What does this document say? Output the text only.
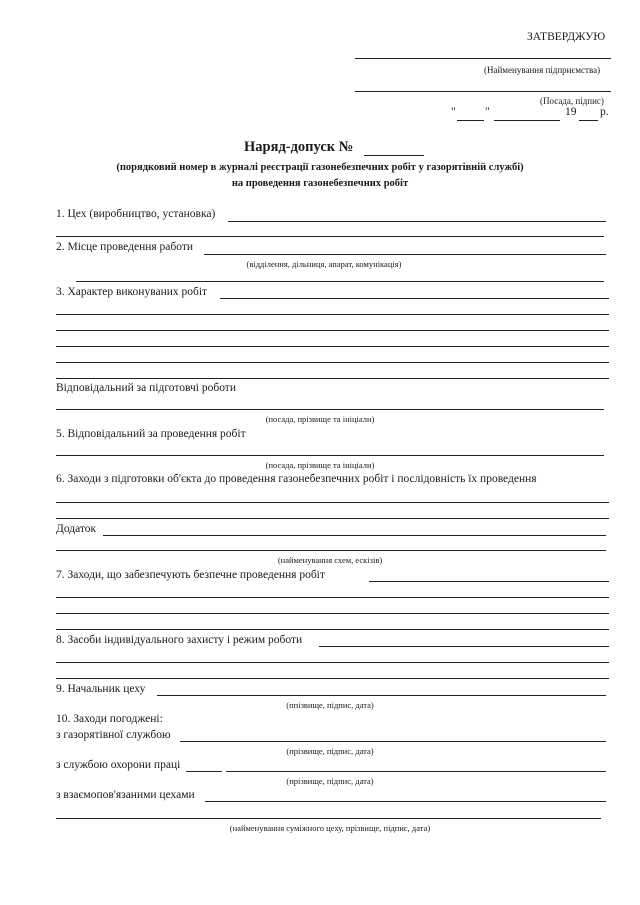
ЗАТВЕРДЖУЮ
(Найменування підприємства)
(Посада, підпис)
"	"	19 р.
Наряд-допуск №
(порядковий номер в журналі реєстрації газонебезпечних робіт у газорятівній службі)
на проведення газонебезпечних робіт
1. Цех (виробництво, установка)
2. Місце проведення работи
(відділення, дільниця, апарат, комунікація)
3. Характер виконуваних робіт
Відповідальний за підготовчі роботи
(посада, прізвище та ініціали)
5. Відповідальний за проведення робіт
(посада, прізвище та ініціали)
6. Заходи з підготовки об'єкта до проведення газонебезпечних робіт і послідовність їх проведення
Додаток
(найменування схем, ескізів)
7. Заходи, що забезпечують безпечне проведення робіт
8. Засоби індивідуального захисту і режим роботи
9. Начальник цеху
(ппізвище, підпис, дата)
10. Заходи погоджені:
з газорятівної службою
(прізвище, підпис, дата)
з службою охорони праці
(прізвище, підпис, дата)
з взаємопов'язаними цехами
(найменування суміжного цеху, прізвище, підпис, дата)
